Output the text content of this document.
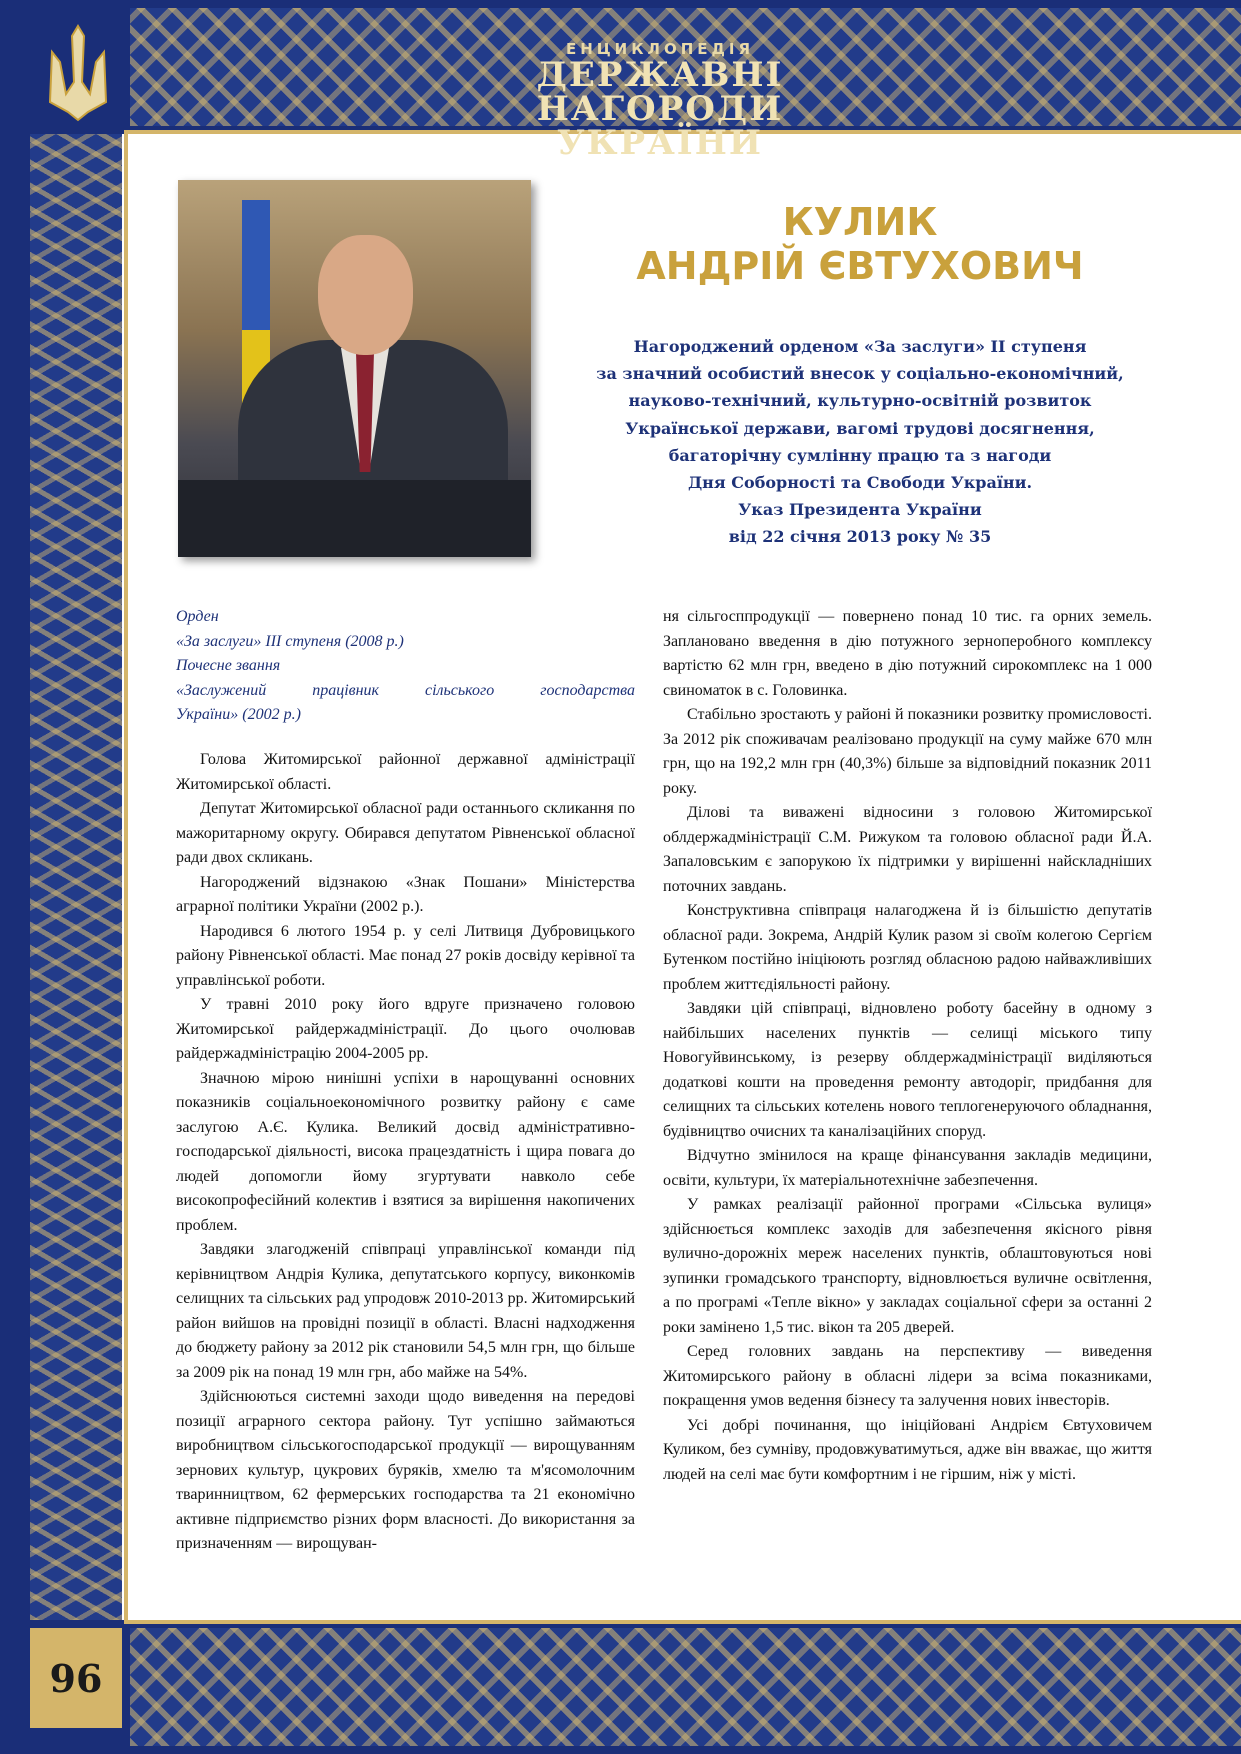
ЕНЦИКЛОПЕДІЯ
ДЕРЖАВНІ НАГОРОДИ
УКРАЇНИ
96
КУЛИК
АНДРІЙ ЄВТУХОВИЧ
Нагороджений орденом «За заслуги» ІІ ступеня
за значний особистий внесок у соціально-економічний,
науково-технічний, культурно-освітній розвиток
Української держави, вагомі трудові досягнення,
багаторічну сумлінну працю та з нагоди
Дня Соборності та Свободи України.
Указ Президента України
від 22 січня 2013 року № 35
Орден
«За заслуги» ІІІ ступеня (2008 р.)
Почесне звання
«Заслужений працівник сільського господарства
України» (2002 р.)

Голова Житомирської районної державної адміністрації Житомирської області.

Депутат Житомирської обласної ради останнього скликання по мажоритарному округу. Обирався депутатом Рівненської обласної ради двох скликань.

Нагороджений відзнакою «Знак Пошани» Міністерства аграрної політики України (2002 р.).

Народився 6 лютого 1954 р. у селі Литвиця Дубровицького району Рівненської області. Має понад 27 років досвіду керівної та управлінської роботи.

У травні 2010 року його вдруге призначено головою Житомирської райдержадміністрації. До цього очолював райдержадміністрацію 2004-2005 рр.

Значною мірою нинішні успіхи в нарощуванні основних показників соціальноекономічного розвитку району є саме заслугою А.Є. Кулика. Великий досвід адміністративно-господарської діяльності, висока працездатність і щира повага до людей допомогли йому згуртувати навколо себе високопрофесійний колектив і взятися за вирішення накопичених проблем.

Завдяки злагодженій співпраці управлінської команди під керівництвом Андрія Кулика, депутатського корпусу, виконкомів селищних та сільських рад упродовж 2010-2013 рр. Житомирський район вийшов на провідні позиції в області. Власні надходження до бюджету району за 2012 рік становили 54,5 млн грн, що більше за 2009 рік на понад 19 млн грн, або майже на 54%.

Здійснюються системні заходи щодо виведення на передові позиції аграрного сектора району. Тут успішно займаються виробництвом сільськогосподарської продукції — вирощуванням зернових культур, цукрових буряків, хмелю та м'ясомолочним тваринництвом, 62 фермерських господарства та 21 економічно активне підприємство різних форм власності. До використання за призначенням — вирощуван-

ня сільгосппродукції — повернено понад 10 тис. га орних земель. Заплановано введення в дію потужного зерноперобного комплексу вартістю 62 млн грн, введено в дію потужний сирокомплекс на 1 000 свиноматок в с. Головинка.

Стабільно зростають у районі й показники розвитку промисловості. За 2012 рік споживачам реалізовано продукції на суму майже 670 млн грн, що на 192,2 млн грн (40,3%) більше за відповідний показник 2011 року.

Ділові та виважені відносини з головою Житомирської облдержадміністрації С.М. Рижуком та головою обласної ради Й.А. Запаловським є запорукою їх підтримки у вирішенні найскладніших поточних завдань.

Конструктивна співпраця налагоджена й із більшістю депутатів обласної ради. Зокрема, Андрій Кулик разом зі своїм колегою Сергієм Бутенком постійно ініціюють розгляд обласною радою найважливіших проблем життєдіяльності району.

Завдяки цій співпраці, відновлено роботу басейну в одному з найбільших населених пунктів — селищі міського типу Новогуйвинському, із резерву облдержадміністрації виділяються додаткові кошти на проведення ремонту автодоріг, придбання для селищних та сільських котелень нового теплогенеруючого обладнання, будівництво очисних та каналізаційних споруд.

Відчутно змінилося на краще фінансування закладів медицини, освіти, культури, їх матеріальнотехнічне забезпечення.

У рамках реалізації районної програми «Сільська вулиця» здійснюється комплекс заходів для забезпечення якісного рівня вулично-дорожніх мереж населених пунктів, облаштовуються нові зупинки громадського транспорту, відновлюється вуличне освітлення, а по програмі «Тепле вікно» у закладах соціальної сфери за останні 2 роки замінено 1,5 тис. вікон та 205 дверей.

Серед головних завдань на перспективу — виведення Житомирського району в обласні лідери за всіма показниками, покращення умов ведення бізнесу та залучення нових інвесторів.

Усі добрі починання, що ініційовані Андрієм Євтуховичем Куликом, без сумніву, продовжуватимуться, адже він вважає, що життя людей на селі має бути комфортним і не гіршим, ніж у місті.
